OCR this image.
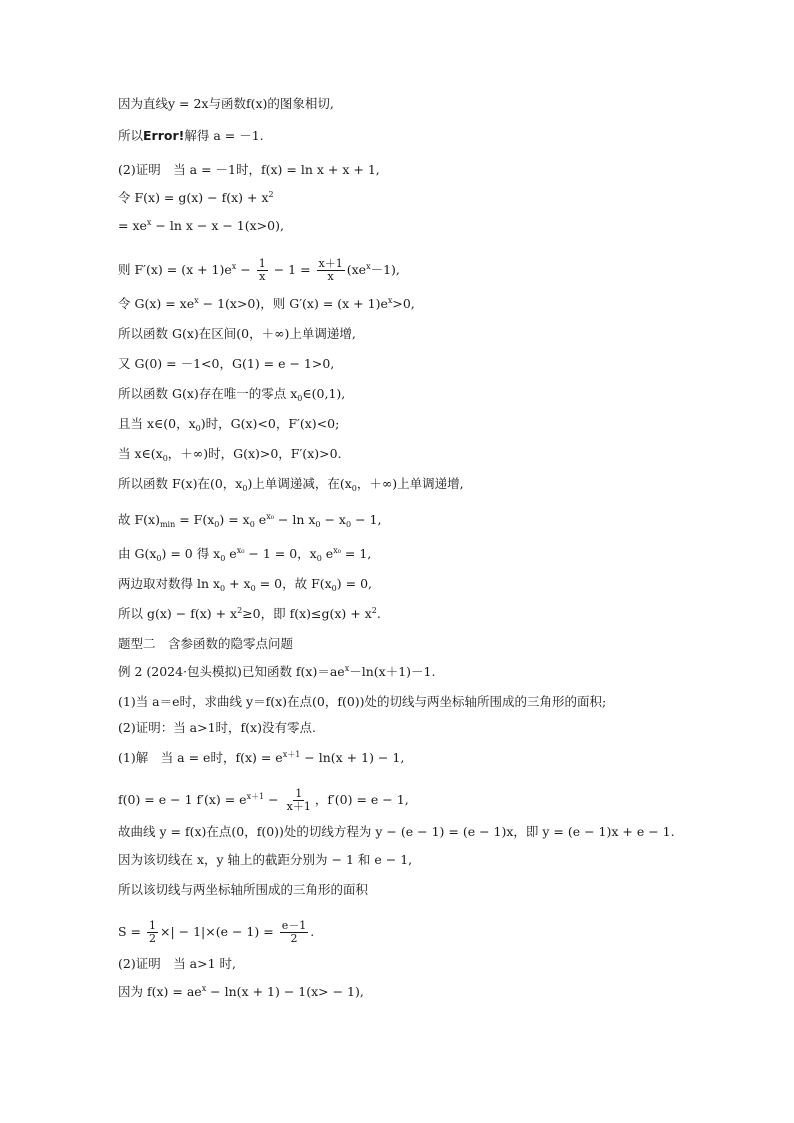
因为直线y = 2x与函数f(x)的图象相切,
所以Error!解得 a = －1.
(2)证明　当 a = －1时，f(x) = ln x + x + 1,
令 $F(x) = g(x) - f(x) + x^2$
= $xe^x - \ln x - x - 1(x>0)$,
则 $F'(x) = (x + 1)e^x - \frac{1}{x} - 1 = \frac{x+1}{x} (xe^x-1)$,
令 $G(x) = xe^x - 1(x>0)$，则 $G'(x) = (x + 1)e^x>0$,
所以函数 G(x)在区间(0，＋∞)上单调递增,
又 G(0) = －1<0，G(1) = e − 1>0,
所以函数 G(x)存在唯一的零点 $x_0\in(0,1)$,
且当 x∈(0，$x_0$)时，G(x)<0，F′(x)<0;
当 $x\in(x_0$，＋∞)时，G(x)>0，F′(x)>0.
所以函数 F(x)在(0，$x_0$)上单调递减，在($x_0$，＋∞)上单调递增,
故 $F(x)_{min} = F(x_0) = x_0$ $e^{x_0} - \ln x_0 - x_0 - 1$,
由 $G(x_0) = 0$ 得 $x_0$ $e^{x_0} - 1 = 0$，$x_0$ $e^{x_0} = 1$,
两边取对数得 $\ln x_0 + x_0 = 0$，故 $F(x_0) = 0$,
所以 $g(x) - f(x) + x^2\ge 0$，即 $f(x)\le g(x) + x^2$.
题型二　含参函数的隐零点问题
例 2 (2024·包头模拟)已知函数 $f(x)=ae^x-\ln(x+1)-1$.
(1)当 a＝e时，求曲线 y＝f(x)在点(0，f(0))处的切线与两坐标轴所围成的三角形的面积;
(2)证明：当 a>1时，f(x)没有零点.
(1)解　当 a = e时，$f(x) = e^{x+1} - \ln(x + 1) - 1$,
f(0) = e − 1 $f'(x) = e^{x+1} - \frac{1}{x+1}$ ，f′(0) = e − 1,
故曲线 y = f(x)在点(0，f(0))处的切线方程为 y − (e − 1) = (e − 1)x，即 y = (e − 1)x + e − 1.
因为该切线在 x，y 轴上的截距分别为 − 1 和 e − 1,
所以该切线与两坐标轴所围成的三角形的面积
$S = \frac{1}{2}$ ×| − $1|\times(e - 1) = \frac{e-1}{2}$ .
(2)证明　当 a>1 时,
因为 $f(x) = ae^x - \ln(x + 1) - 1(x> - 1)$,
